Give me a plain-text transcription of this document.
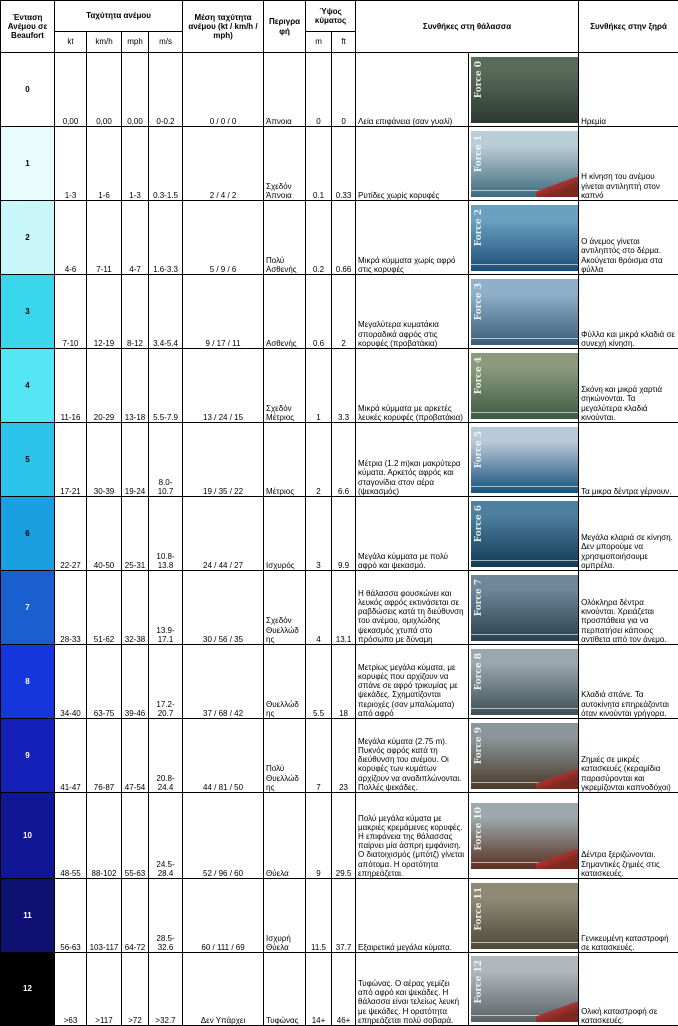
Ένταση Ανέμου σε Beaufort	Ταχύτητα ανέμου				Μέση ταχύτητα ανέμου (kt / km/h / mph)	Περιγρα φή	Ύψος κύματος		Συνθήκες στη θάλασσα		Συνθήκες στην ξηρά
	kt	km/h	mph	m/s			m	ft			
0	0,00	0,00	0,00	0-0.2	0 / 0 / 0	Άπνοια	0	0	Λεία επιφάνεια (σαν γυαλί)	Force 0	Ηρεμία
1	1-3	1-6	1-3	0.3-1.5	2 / 4 / 2	Σχεδόν Άπνοια	0.1	0.33	Ρυτίδες χωρίς κορυφές	Force 1	Η κίνηση του ανέμου γίνεται αντιληπτή στον καπνό
2	4-6	7-11	4-7	1.6-3.3	5 / 9 / 6	Πολύ Ασθενής	0.2	0.66	Μικρά κύμματα χωρίς αφρό στις κορυφές	Force 2	Ο άνεμος γίνεται αντιληπτός στο δέρμα. Ακούγεται θρόισμα στα φύλλα
3	7-10	12-19	8-12	3.4-5.4	9 / 17 / 11	Ασθενής	0.6	2	Μεγαλύτερα κυματάκια σποραδικά αφρός στις κορυφές (προβατάκια)	Force 3	Φύλλα και μικρά κλαδιά σε συνεχή κίνηση.
4	11-16	20-29	13-18	5.5-7.9	13 / 24 / 15	Σχεδόν Μέτριος	1	3.3	Μικρά κύμματα με αρκετές λευκές κορυφές (προβατάκια)	Force 4	Σκόνη και μικρά χαρτιά σηκώνονται. Τα μεγαλύτερα κλαδιά κινούνται.
5	17-21	30-39	19-24	8.0-10.7	19 / 35 / 22	Μέτριος	2	6.6	Μέτρια (1.2 m)και μακρύτερα κύματα. Αρκετός αφρός και σταγονίδια στον αέρα (ψεκασμός)	Force 5	Τα μικρα δέντρα γέρνουν.
6	22-27	40-50	25-31	10.8-13.8	24 / 44 / 27	Ισχυρός	3	9.9	Μεγάλα κύμματα με πολύ αφρό και ψεκασμό.	Force 6	Μεγάλα κλαριά σε κίνηση. Δεν μπορούμε να χρησιμοποιήσουμε ομπρέλα.
7	28-33	51-62	32-38	13.9-17.1	30 / 56 / 35	Σχεδόν Θυελλώδ ης	4	13.1	Η θάλασσα φουσκώνει και λευκός αφρός εκτινάσεται σε ραβδώσεις κατά τη διεύθυνση του ανέμου, ομιχλώδης ψεκασμός χτυπά στο πρόσωπο με δύναμη	Force 7	Ολόκληρα δέντρα κινούνται. Χρειάζεται προσπάθεια για να περπατήσει κάποιος αντίθετα από τον άνεμο.
8	34-40	63-75	39-46	17.2-20.7	37 / 68 / 42	Θυελλώδ ης	5.5	18	Μετρίως μεγάλα κύματα, με κορυφές που αρχίζουν να σπάνε σε αφρό τρικυμίας με ψεκάδες. Σχηματίζονται περιοχές (σαν μπαλώματα) από αφρό	Force 8	Κλαδιά σπάνε. Τα αυτοκίνητα επηρεάζονται όταν κινούνται γρήγορα.
9	41-47	76-87	47-54	20.8-24.4	44 / 81 / 50	Πολύ Θυελλώδ ης	7	23	Μεγάλα κύματα (2.75 m). Πυκνός αφρός κατά τη διεύθυνση του ανέμου. Οι κορυφές των κυμάτων αρχίζουν να αναδιπλώνονται. Πολλές ψεκάδες.	Force 9	Ζημιές σε μικρές κατασκευές (κεραμίδια παρασύρονται και γκρεμίζονται καπνοδόχοι)
10	48-55	88-102	55-63	24.5-28.4	52 / 96 / 60	Θύελα	9	29.5	Πολύ μεγάλα κύματα με μακριές κρεμάμενες κορυφές. Η επιφάνεια της θάλασσας παίρνει μία άσπρη εμφάνιση. Ο διατοιχισμός (μπότζ) γίνεται απότομα. Η ορατότητα επηρεάζεται.	Force 10	Δέντρα ξεριζώνονται. Σημαντικές ζημιές στις κατασκευές.
11	56-63	103-117	64-72	28.5-32.6	60 / 111 / 69	Ισχυρή Θύελα	11.5	37.7	Εξαιρετικά μεγάλα κύματα.	Force 11	Γενικευμένη καταστροφή σε κατασκευές.
12	>63	>117	>72	>32.7	Δεν Υπάρχει	Τυφώνας	14+	46+	Τυφώνας. Ο αέρας γεμίζει από αφρό και ψεκάδες. Η θάλασσα είναι τελείως λευκή με ψεκάδες. Η ορατότητα επηρεάζεται πολύ σοβαρά.	Force 12	Ολική καταστροφή σε κατασκευές.
